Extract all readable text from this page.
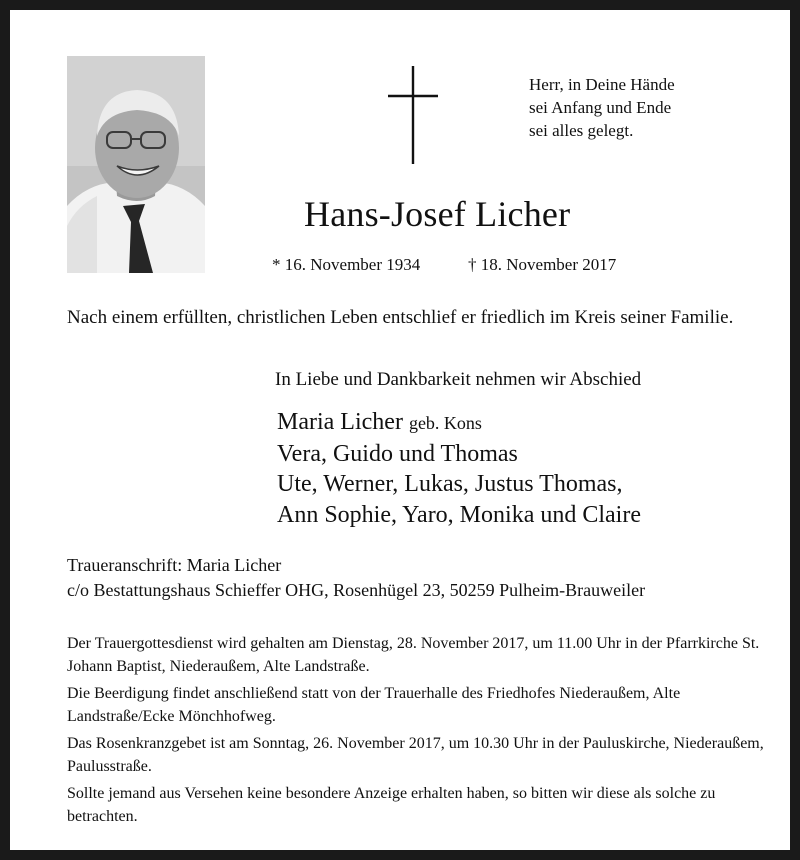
Herr, in Deine Hände
sei Anfang und Ende
sei alles gelegt.
Hans-Josef Licher
* 16. November 1934	† 18. November 2017
Nach einem erfüllten, christlichen Leben entschlief er friedlich im Kreis seiner Familie.
In Liebe und Dankbarkeit nehmen wir Abschied
Maria Licher geb. Kons
Vera, Guido und Thomas
Ute, Werner, Lukas, Justus Thomas,
Ann Sophie, Yaro, Monika und Claire
Traueranschrift: Maria Licher
c/o Bestattungshaus Schieffer OHG, Rosenhügel 23, 50259 Pulheim-Brauweiler

Der Trauergottesdienst wird gehalten am Dienstag, 28. November 2017, um 11.00 Uhr in der Pfarrkirche St. Johann Baptist, Niederaußem, Alte Landstraße.

Die Beerdigung findet anschließend statt von der Trauerhalle des Friedhofes Niederaußem, Alte Landstraße/Ecke Mönchhofweg.

Das Rosenkranzgebet ist am Sonntag, 26. November 2017, um 10.30 Uhr in der Pauluskirche, Niederaußem, Paulusstraße.

Sollte jemand aus Versehen keine besondere Anzeige erhalten haben, so bitten wir diese als solche zu betrachten.
